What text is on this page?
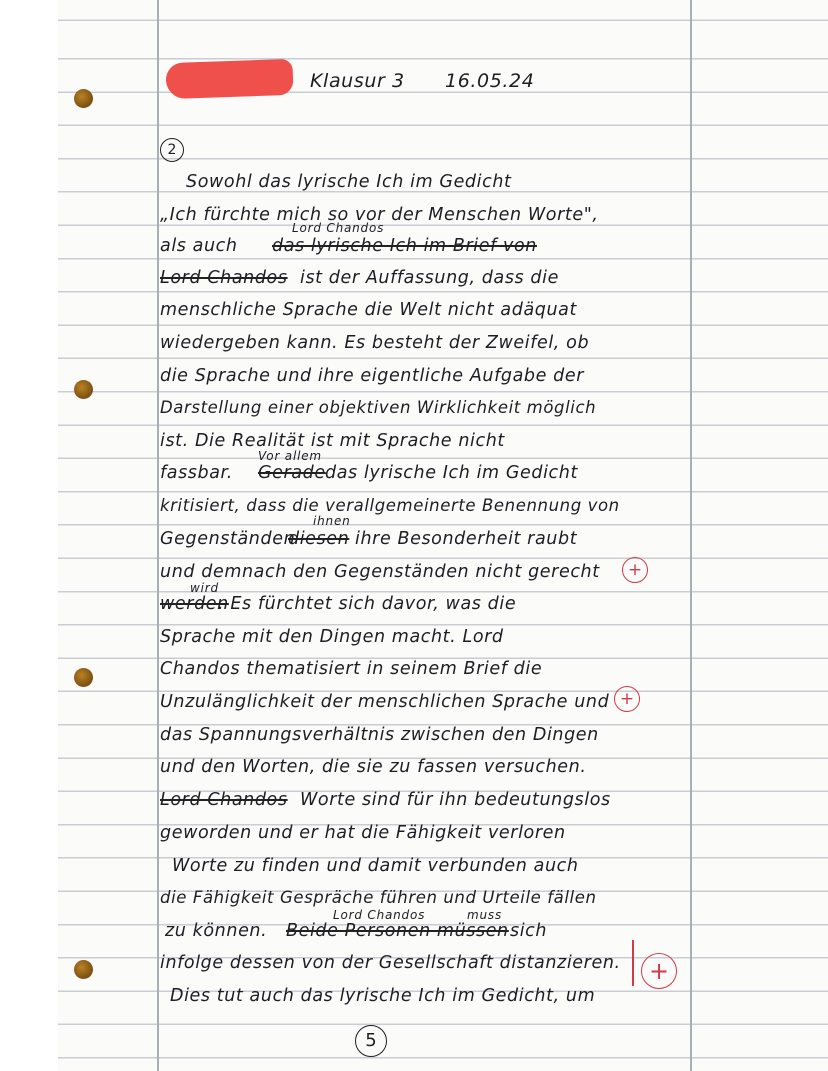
Klausur 3 16.05.24
2
Sowohl das lyrische Ich im Gedicht
„Ich fürchte mich so vor der Menschen Worte",
Lord Chandos
als auch das lyrische Ich im Brief von
Lord Chandos ist der Auffassung, dass die
menschliche Sprache die Welt nicht adäquat
wiedergeben kann. Es besteht der Zweifel, ob
die Sprache und ihre eigentliche Aufgabe der
Darstellung einer objektiven Wirklichkeit möglich
ist. Die Realität ist mit Sprache nicht
Vor allem
fassbar. Gerade das lyrische Ich im Gedicht
kritisiert, dass die verallgemeinerte Benennung von
ihnen
Gegenständen
diesen ihre Besonderheit raubt
und demnach den Gegenständen nicht gerecht
wird
werden
. Es fürchtet sich davor, was die
Sprache mit den Dingen macht. Lord
Chandos thematisiert in seinem Brief die
Unzulänglichkeit der menschlichen Sprache und
das Spannungsverhältnis zwischen den Dingen
und den Worten, die sie zu fassen versuchen.
Lord Chandos Worte sind für ihn bedeutungslos
geworden und er hat die Fähigkeit verloren
Worte zu finden und damit verbunden auch
die Fähigkeit Gespräche führen und Urteile fällen
Lord Chandos	muss
zu können. Beide Personen müssen sich
infolge dessen von der Gesellschaft distanzieren.
Dies tut auch das lyrische Ich im Gedicht, um
+
+
+
5
